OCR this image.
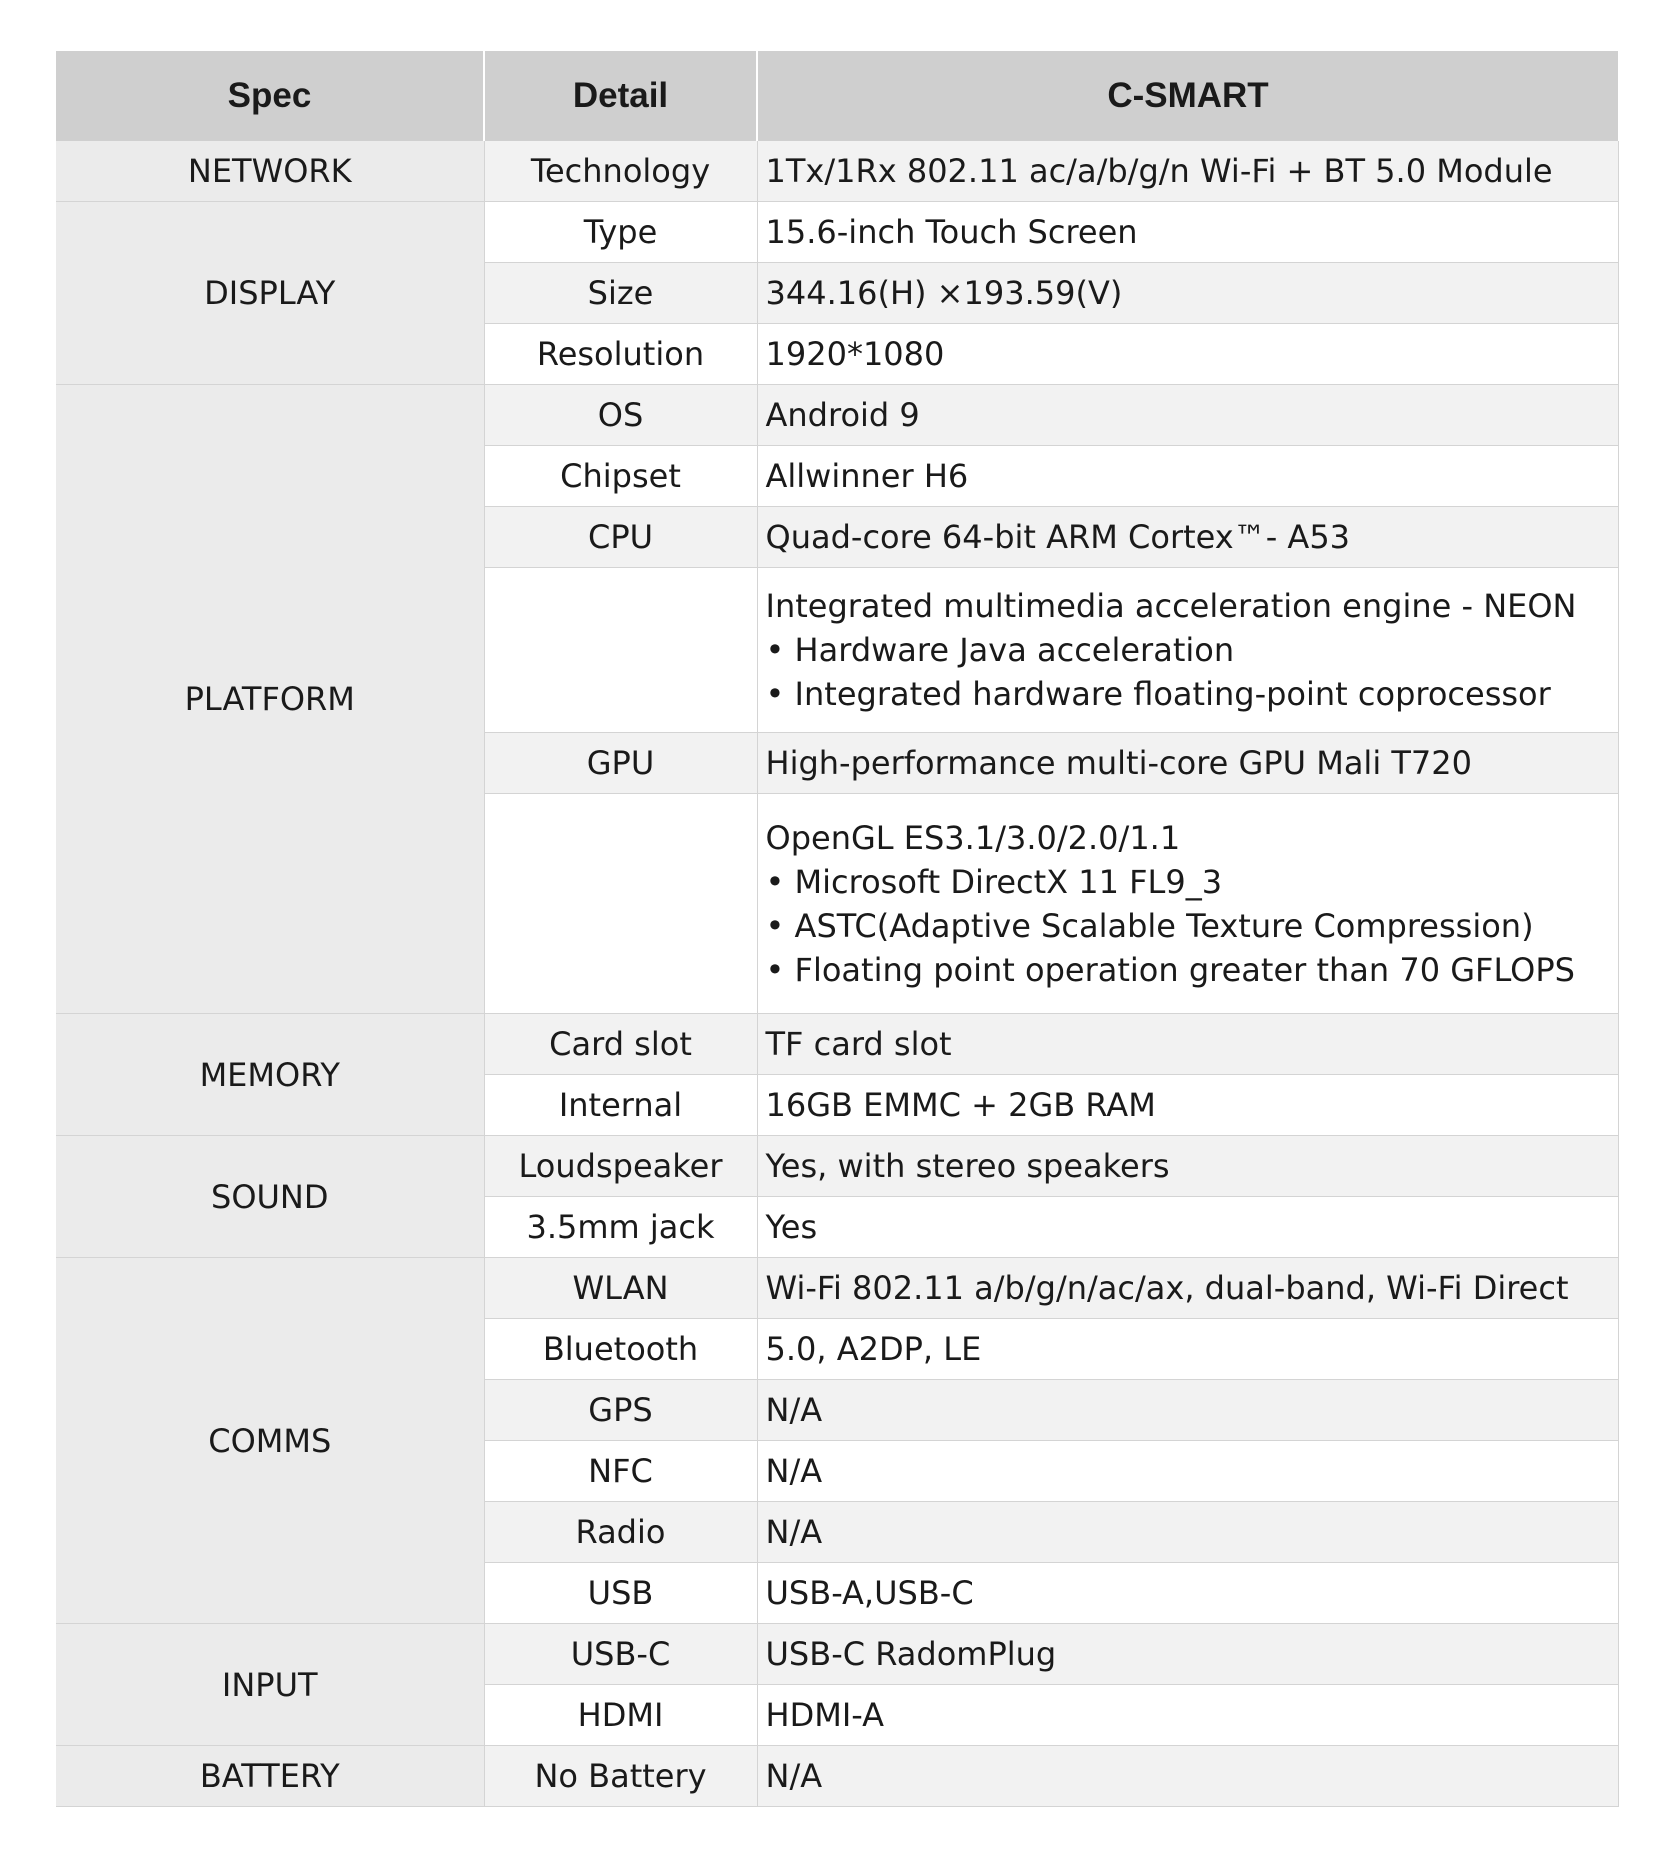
Spec	Detail	C-SMART
NETWORK	Technology	1Tx/1Rx 802.11 ac/a/b/g/n Wi-Fi + BT 5.0 Module
DISPLAY	Type	15.6-inch Touch Screen
	Size	344.16(H) ×193.59(V)
	Resolution	1920*1080
PLATFORM	OS	Android 9
	Chipset	Allwinner H6
	CPU	Quad-core 64-bit ARM Cortex™- A53

		Integrated multimedia acceleration engine - NEON
• Hardware Java acceleration
• Integrated hardware floating-point coprocessor

	GPU	High-performance multi-core GPU Mali T720

		OpenGL ES3.1/3.0/2.0/1.1
• Microsoft DirectX 11 FL9_3
• ASTC(Adaptive Scalable Texture Compression)
• Floating point operation greater than 70 GFLOPS

MEMORY	Card slot	TF card slot
	Internal	16GB EMMC + 2GB RAM
SOUND	Loudspeaker	Yes, with stereo speakers
	3.5mm jack	Yes
COMMS	WLAN	Wi-Fi 802.11 a/b/g/n/ac/ax, dual-band, Wi-Fi Direct
	Bluetooth	5.0, A2DP, LE
	GPS	N/A
	NFC	N/A
	Radio	N/A
	USB	USB-A,USB-C
INPUT	USB-C	USB-C RadomPlug
	HDMI	HDMI-A
BATTERY	No Battery	N/A
